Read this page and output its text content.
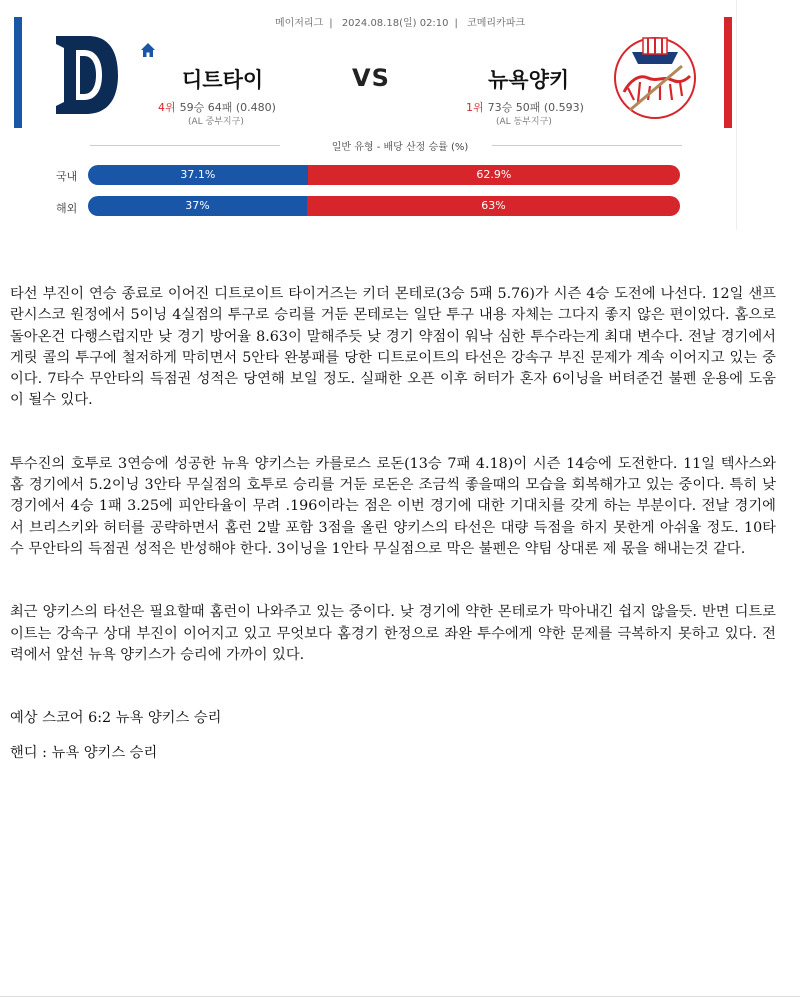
메이저리그 | 2024.08.18(일) 02:10 | 코메리카파크
디트타이	VS	뉴욕양키
4위 59승 64패 (0.480)
(AL 중부지구)
1위 73승 50패 (0.593)
(AL 동부지구)
일반 유형 - 배당 산정 승률 (%)
국내	37.1%	62.9%
해외	37%	63%

타선 부진이 연승 종료로 이어진 디트로이트 타이거즈는 키더 몬테로(3승 5패 5.76)가 시즌 4승 도전에 나선다. 12일 샌프란시스코 원정에서 5이닝 4실점의 투구로 승리를 거둔 몬테로는 일단 투구 내용 자체는 그다지 좋지 않은 편이었다. 홈으로 돌아온건 다행스럽지만 낮 경기 방어율 8.63이 말해주듯 낮 경기 약점이 워낙 심한 투수라는게 최대 변수다. 전날 경기에서 게릿 콜의 투구에 철저하게 막히면서 5안타 완봉패를 당한 디트로이트의 타선은 강속구 부진 문제가 계속 이어지고 있는 중이다. 7타수 무안타의 득점권 성적은 당연해 보일 정도. 실패한 오픈 이후 허터가 혼자 6이닝을 버텨준건 불펜 운용에 도움이 될수 있다.

투수진의 호투로 3연승에 성공한 뉴욕 양키스는 카를로스 로돈(13승 7패 4.18)이 시즌 14승에 도전한다. 11일 텍사스와 홈 경기에서 5.2이닝 3안타 무실점의 호투로 승리를 거둔 로돈은 조금씩 좋을때의 모습을 회복해가고 있는 중이다. 특히 낮 경기에서 4승 1패 3.25에 피안타율이 무려 .196이라는 점은 이번 경기에 대한 기대치를 갖게 하는 부분이다. 전날 경기에서 브리스키와 허터를 공략하면서 홈런 2발 포함 3점을 올린 양키스의 타선은 대량 득점을 하지 못한게 아쉬울 정도. 10타수 무안타의 득점권 성적은 반성해야 한다. 3이닝을 1안타 무실점으로 막은 불펜은 약팀 상대론 제 몫을 해내는것 같다.

최근 양키스의 타선은 필요할때 홈런이 나와주고 있는 중이다. 낮 경기에 약한 몬테로가 막아내긴 쉽지 않을듯. 반면 디트로이트는 강속구 상대 부진이 이어지고 있고 무엇보다 홈경기 한정으로 좌완 투수에게 약한 문제를 극복하지 못하고 있다. 전력에서 앞선 뉴욕 양키스가 승리에 가까이 있다.

예상 스코어 6:2 뉴욕 양키스 승리

핸디 : 뉴욕 양키스 승리
